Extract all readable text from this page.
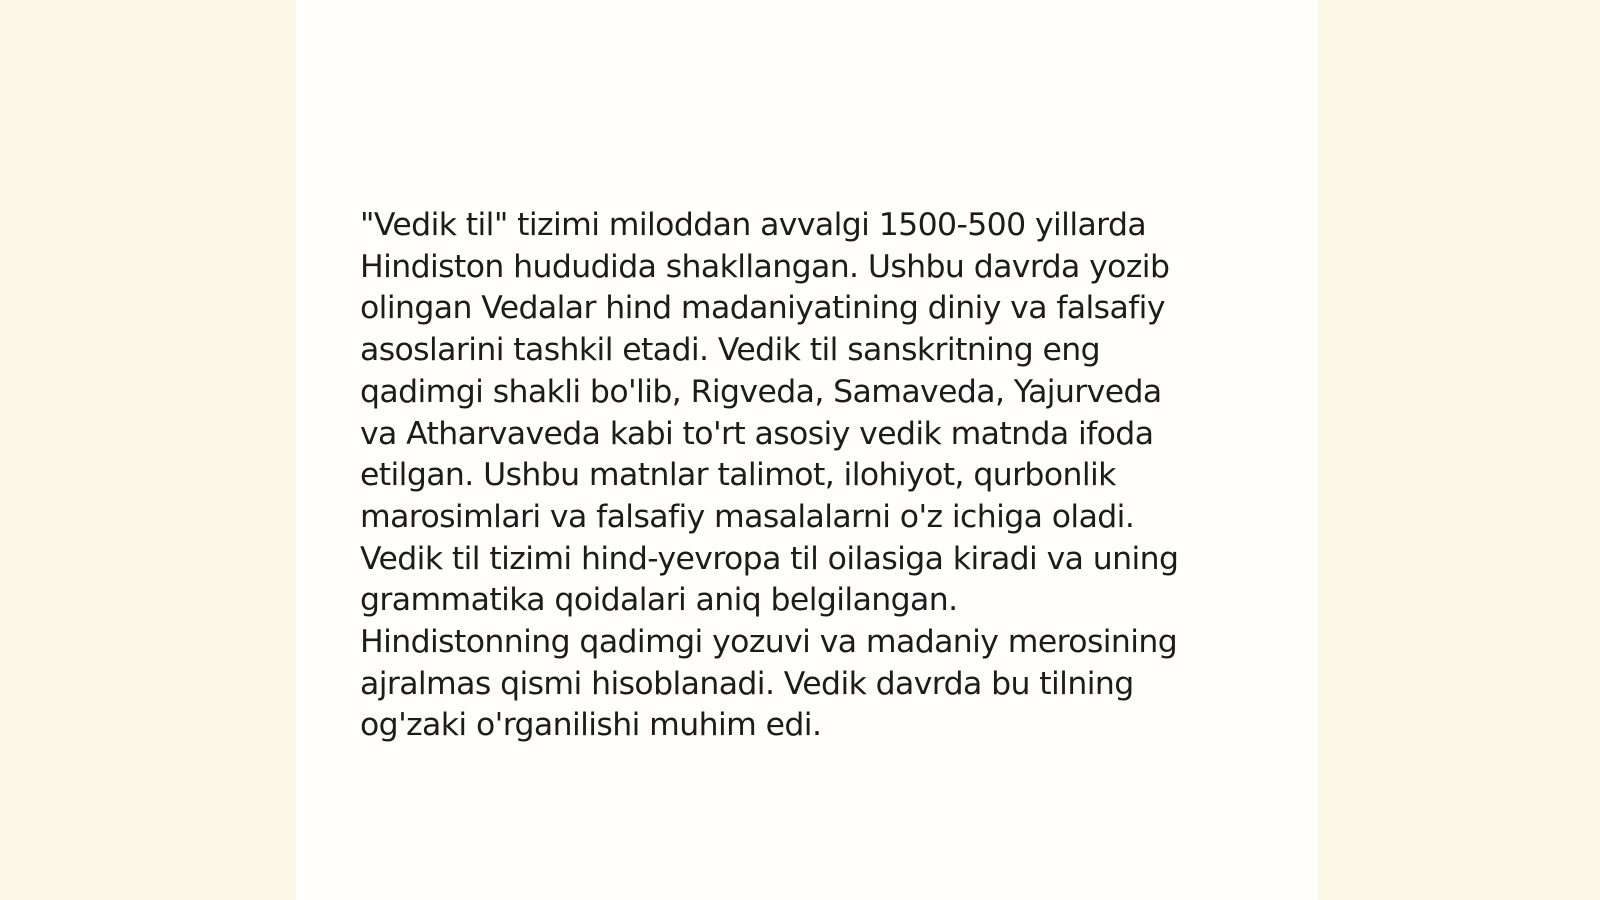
"Vedik til" tizimi miloddan avvalgi 1500-500 yillarda
Hindiston hududida shakllangan. Ushbu davrda yozib
olingan Vedalar hind madaniyatining diniy va falsafiy
asoslarini tashkil etadi. Vedik til sanskritning eng
qadimgi shakli bo'lib, Rigveda, Samaveda, Yajurveda
va Atharvaveda kabi to'rt asosiy vedik matnda ifoda
etilgan. Ushbu matnlar talimot, ilohiyot, qurbonlik
marosimlari va falsafiy masalalarni o'z ichiga oladi.
Vedik til tizimi hind-yevropa til oilasiga kiradi va uning
grammatika qoidalari aniq belgilangan.
Hindistonning qadimgi yozuvi va madaniy merosining
ajralmas qismi hisoblanadi. Vedik davrda bu tilning
og'zaki o'rganilishi muhim edi.
